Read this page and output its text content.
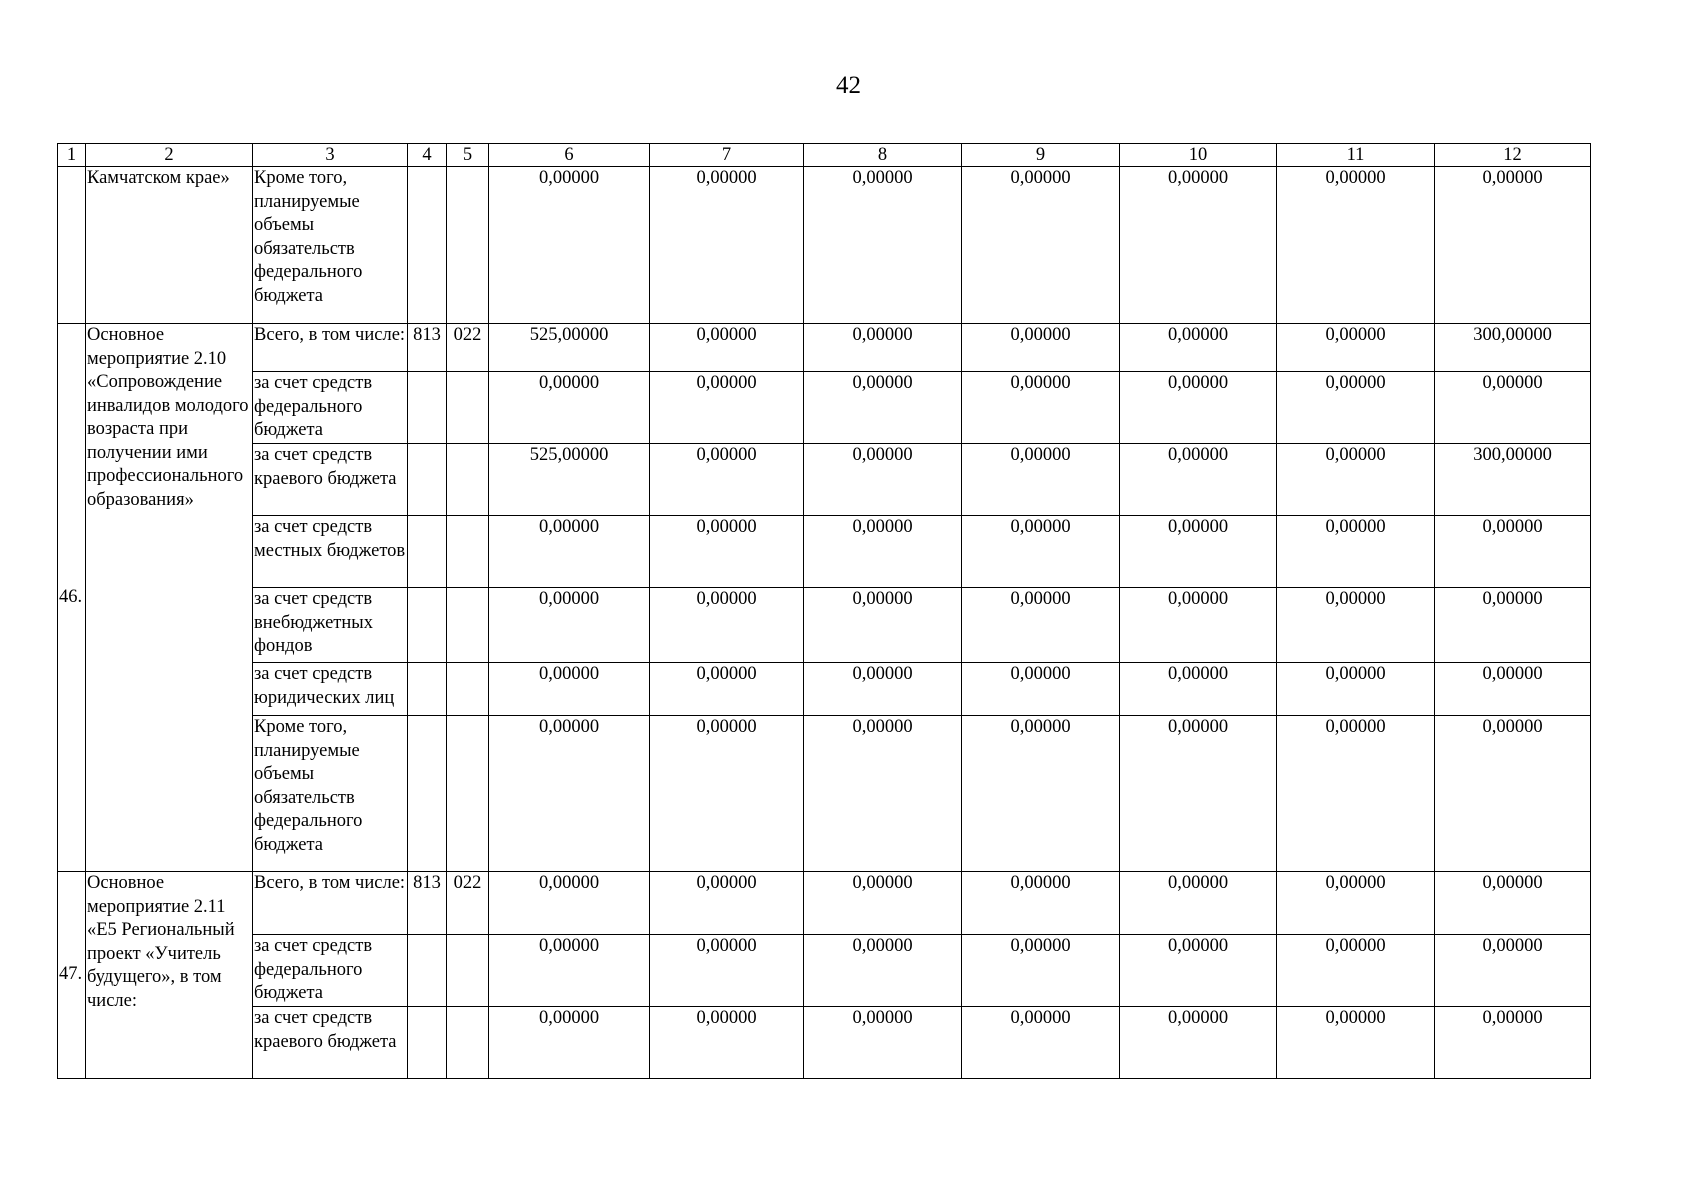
42
1	2	3	4	5	6	7	8	9	10	11	12
	Камчатском крае»	Кроме того, планируемые объемы обязательств федерального бюджета			0,00000	0,00000	0,00000	0,00000	0,00000	0,00000	0,00000
46.	Основное мероприятие 2.10 «Сопровождение инвалидов молодого возраста при получении ими профессионального образования»	Всего, в том числе:	813	022	525,00000	0,00000	0,00000	0,00000	0,00000	0,00000	300,00000
		за счет средств федерального бюджета			0,00000	0,00000	0,00000	0,00000	0,00000	0,00000	0,00000
		за счет средств краевого бюджета			525,00000	0,00000	0,00000	0,00000	0,00000	0,00000	300,00000
		за счет средств местных бюджетов			0,00000	0,00000	0,00000	0,00000	0,00000	0,00000	0,00000
		за счет средств внебюджетных фондов			0,00000	0,00000	0,00000	0,00000	0,00000	0,00000	0,00000
		за счет средств юридических лиц			0,00000	0,00000	0,00000	0,00000	0,00000	0,00000	0,00000
		Кроме того, планируемые объемы обязательств федерального бюджета			0,00000	0,00000	0,00000	0,00000	0,00000	0,00000	0,00000
47.	Основное мероприятие 2.11 «Е5 Региональный проект «Учитель будущего», в том числе:	Всего, в том числе:	813	022	0,00000	0,00000	0,00000	0,00000	0,00000	0,00000	0,00000
		за счет средств федерального бюджета			0,00000	0,00000	0,00000	0,00000	0,00000	0,00000	0,00000
		за счет средств краевого бюджета			0,00000	0,00000	0,00000	0,00000	0,00000	0,00000	0,00000
